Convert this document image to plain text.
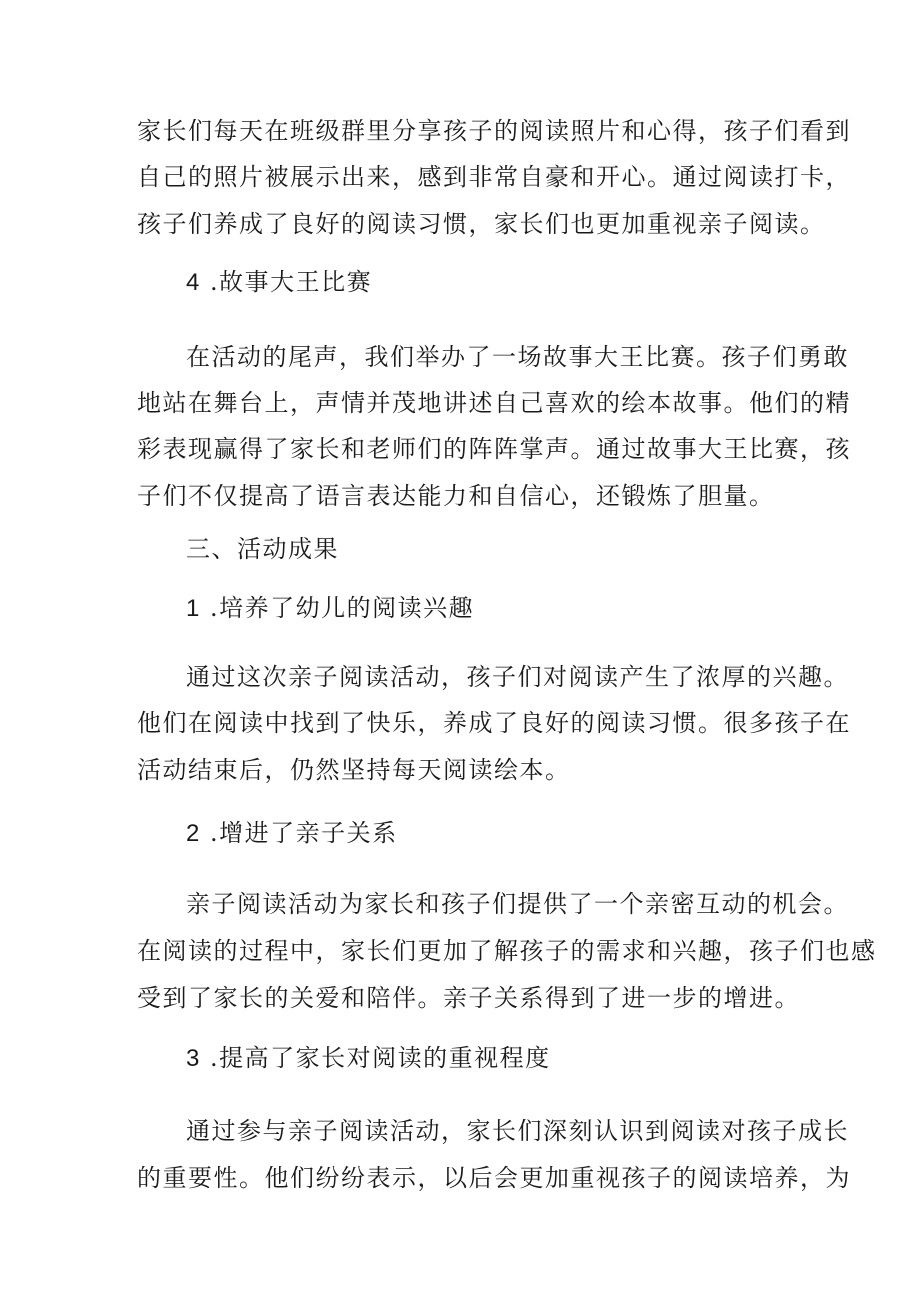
家长们每天在班级群里分享孩子的阅读照片和心得，孩子们看到
自己的照片被展示出来，感到非常自豪和开心。通过阅读打卡，
孩子们养成了良好的阅读习惯，家长们也更加重视亲子阅读。
4 .故事大王比赛
在活动的尾声，我们举办了一场故事大王比赛。孩子们勇敢
地站在舞台上，声情并茂地讲述自己喜欢的绘本故事。他们的精
彩表现赢得了家长和老师们的阵阵掌声。通过故事大王比赛，孩
子们不仅提高了语言表达能力和自信心，还锻炼了胆量。
三、活动成果
1 .培养了幼儿的阅读兴趣
通过这次亲子阅读活动，孩子们对阅读产生了浓厚的兴趣。
他们在阅读中找到了快乐，养成了良好的阅读习惯。很多孩子在
活动结束后，仍然坚持每天阅读绘本。
2 .增进了亲子关系
亲子阅读活动为家长和孩子们提供了一个亲密互动的机会。
在阅读的过程中，家长们更加了解孩子的需求和兴趣，孩子们也感
受到了家长的关爱和陪伴。亲子关系得到了进一步的增进。
3 .提高了家长对阅读的重视程度
通过参与亲子阅读活动，家长们深刻认识到阅读对孩子成长
的重要性。他们纷纷表示，以后会更加重视孩子的阅读培养，为
